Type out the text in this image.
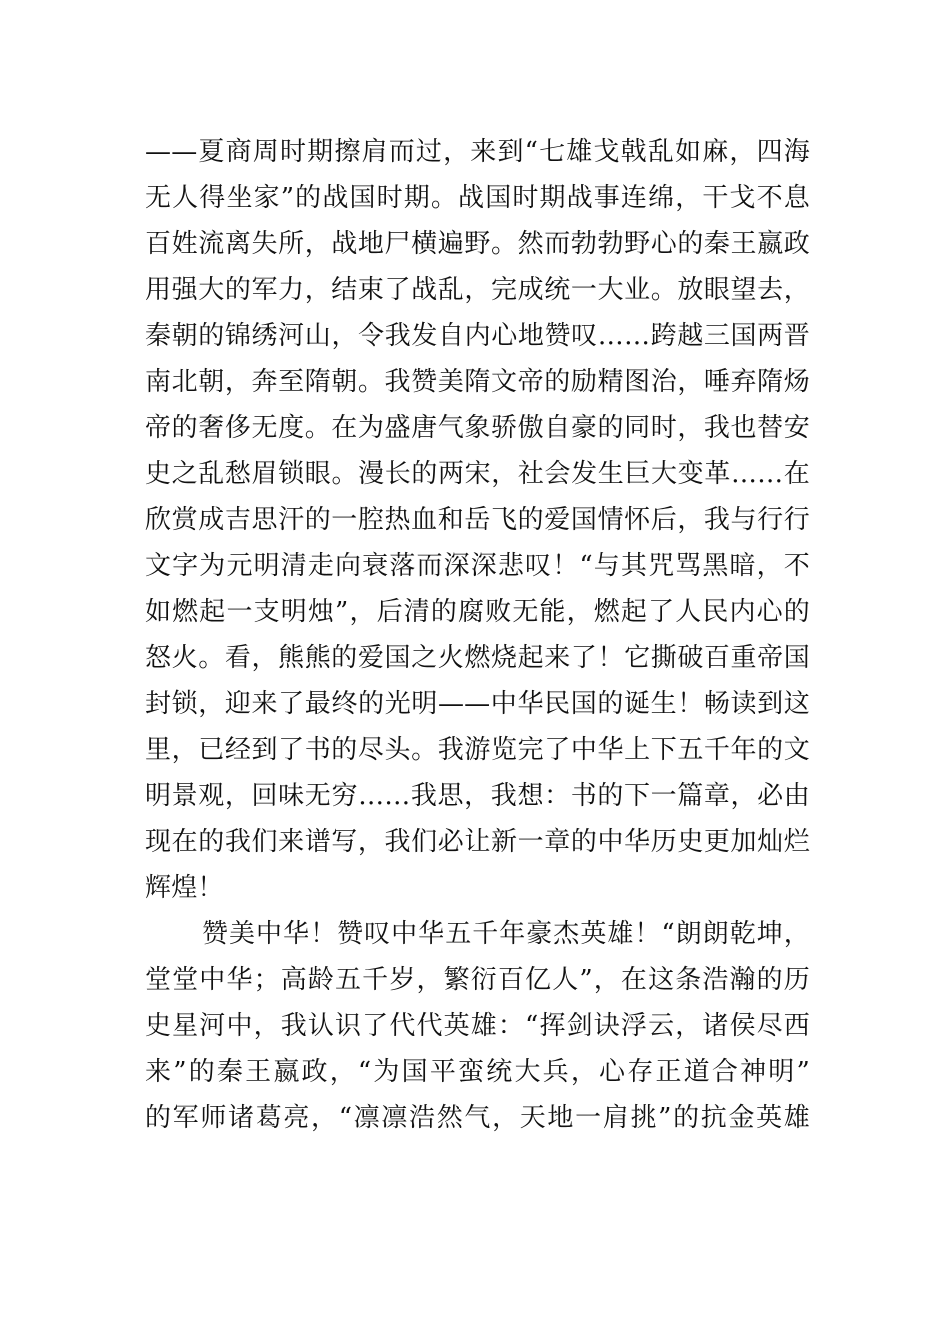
——夏商周时期擦肩而过，来到“七雄戈戟乱如麻，四海
无人得坐家”的战国时期。战国时期战事连绵，干戈不息
百姓流离失所，战地尸横遍野。然而勃勃野心的秦王嬴政
用强大的军力，结束了战乱，完成统一大业。放眼望去，
秦朝的锦绣河山，令我发自内心地赞叹……跨越三国两晋
南北朝，奔至隋朝。我赞美隋文帝的励精图治，唾弃隋炀
帝的奢侈无度。在为盛唐气象骄傲自豪的同时，我也替安
史之乱愁眉锁眼。漫长的两宋，社会发生巨大变革……在
欣赏成吉思汗的一腔热血和岳飞的爱国情怀后，我与行行
文字为元明清走向衰落而深深悲叹！“与其咒骂黑暗，不
如燃起一支明烛”，后清的腐败无能，燃起了人民内心的
怒火。看，熊熊的爱国之火燃烧起来了！它撕破百重帝国
封锁，迎来了最终的光明——中华民国的诞生！畅读到这
里，已经到了书的尽头。我游览完了中华上下五千年的文
明景观，回味无穷……我思，我想：书的下一篇章，必由
现在的我们来谱写，我们必让新一章的中华历史更加灿烂
辉煌！
赞美中华！赞叹中华五千年豪杰英雄！“朗朗乾坤，
堂堂中华；高龄五千岁，繁衍百亿人”，在这条浩瀚的历
史星河中，我认识了代代英雄：“挥剑诀浮云，诸侯尽西
来”的秦王嬴政，“为国平蛮统大兵，心存正道合神明”
的军师诸葛亮，“凛凛浩然气，天地一肩挑”的抗金英雄
